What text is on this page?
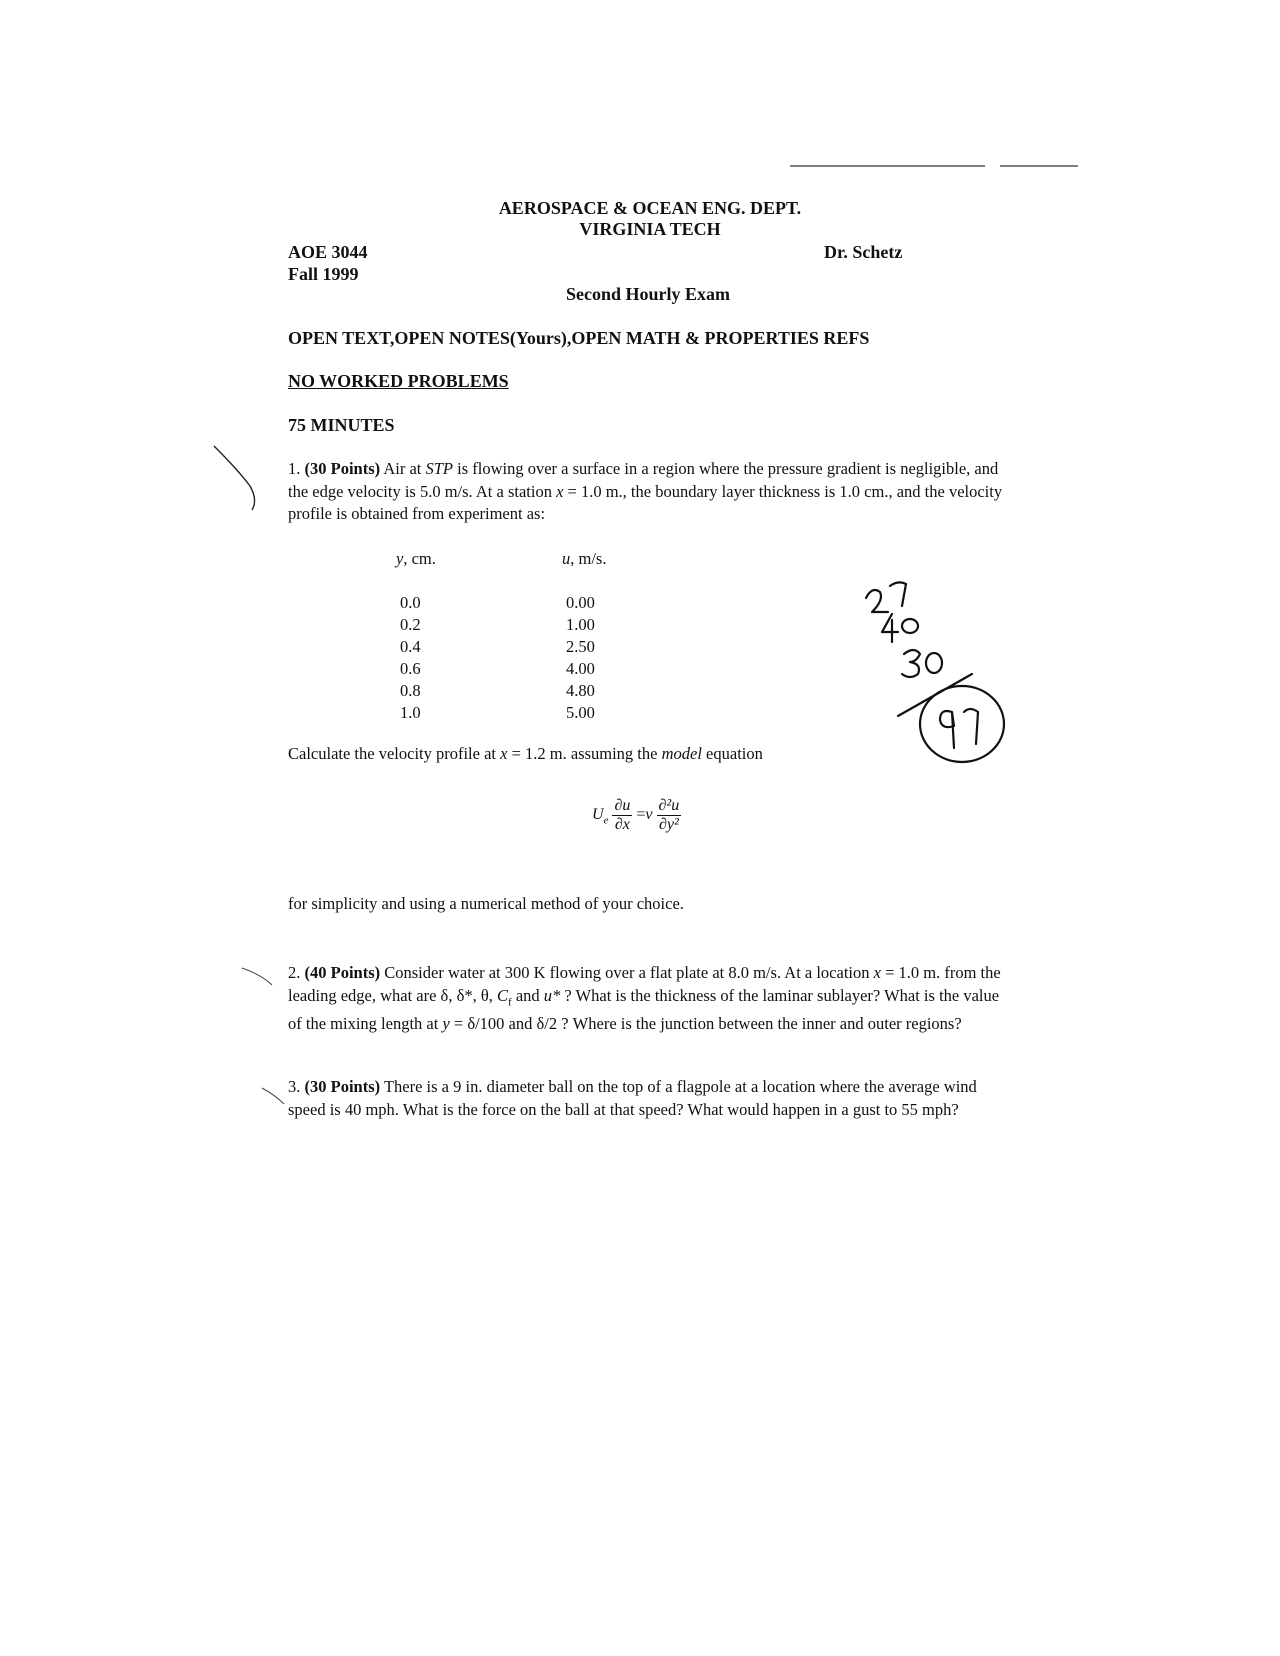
AEROSPACE & OCEAN ENG. DEPT.
VIRGINIA TECH
AOE 3044
Fall 1999
Dr. Schetz
Second Hourly Exam
OPEN TEXT,OPEN NOTES(Yours),OPEN MATH & PROPERTIES REFS
NO WORKED PROBLEMS
75 MINUTES
1. (30 Points) Air at STP is flowing over a surface in a region where the pressure gradient is negligible, and the edge velocity is 5.0 m/s. At a station x = 1.0 m., the boundary layer thickness is 1.0 cm., and the velocity profile is obtained from experiment as:
y, cm.	u, m/s.
0.0
0.2
0.4
0.6
0.8
1.0
0.00
1.00
2.50
4.00
4.80
5.00
Calculate the velocity profile at x = 1.2 m. assuming the model equation
$U_e \frac{\partial u}{\partial x} =\nu \frac{\text{∂²u}}{\text{∂y²}}$
for simplicity and using a numerical method of your choice.
2. (40 Points) Consider water at 300 K flowing over a flat plate at 8.0 m/s. At a location x = 1.0 m. from the leading edge, what are δ, δ*, θ, $C_f$ and u* ? What is the thickness of the laminar sublayer? What is the value of the mixing length at y = δ/100 and δ/2 ? Where is the junction between the inner and outer regions?
3. (30 Points) There is a 9 in. diameter ball on the top of a flagpole at a location where the average wind speed is 40 mph. What is the force on the ball at that speed? What would happen in a gust to 55 mph?
27 40 30 97
